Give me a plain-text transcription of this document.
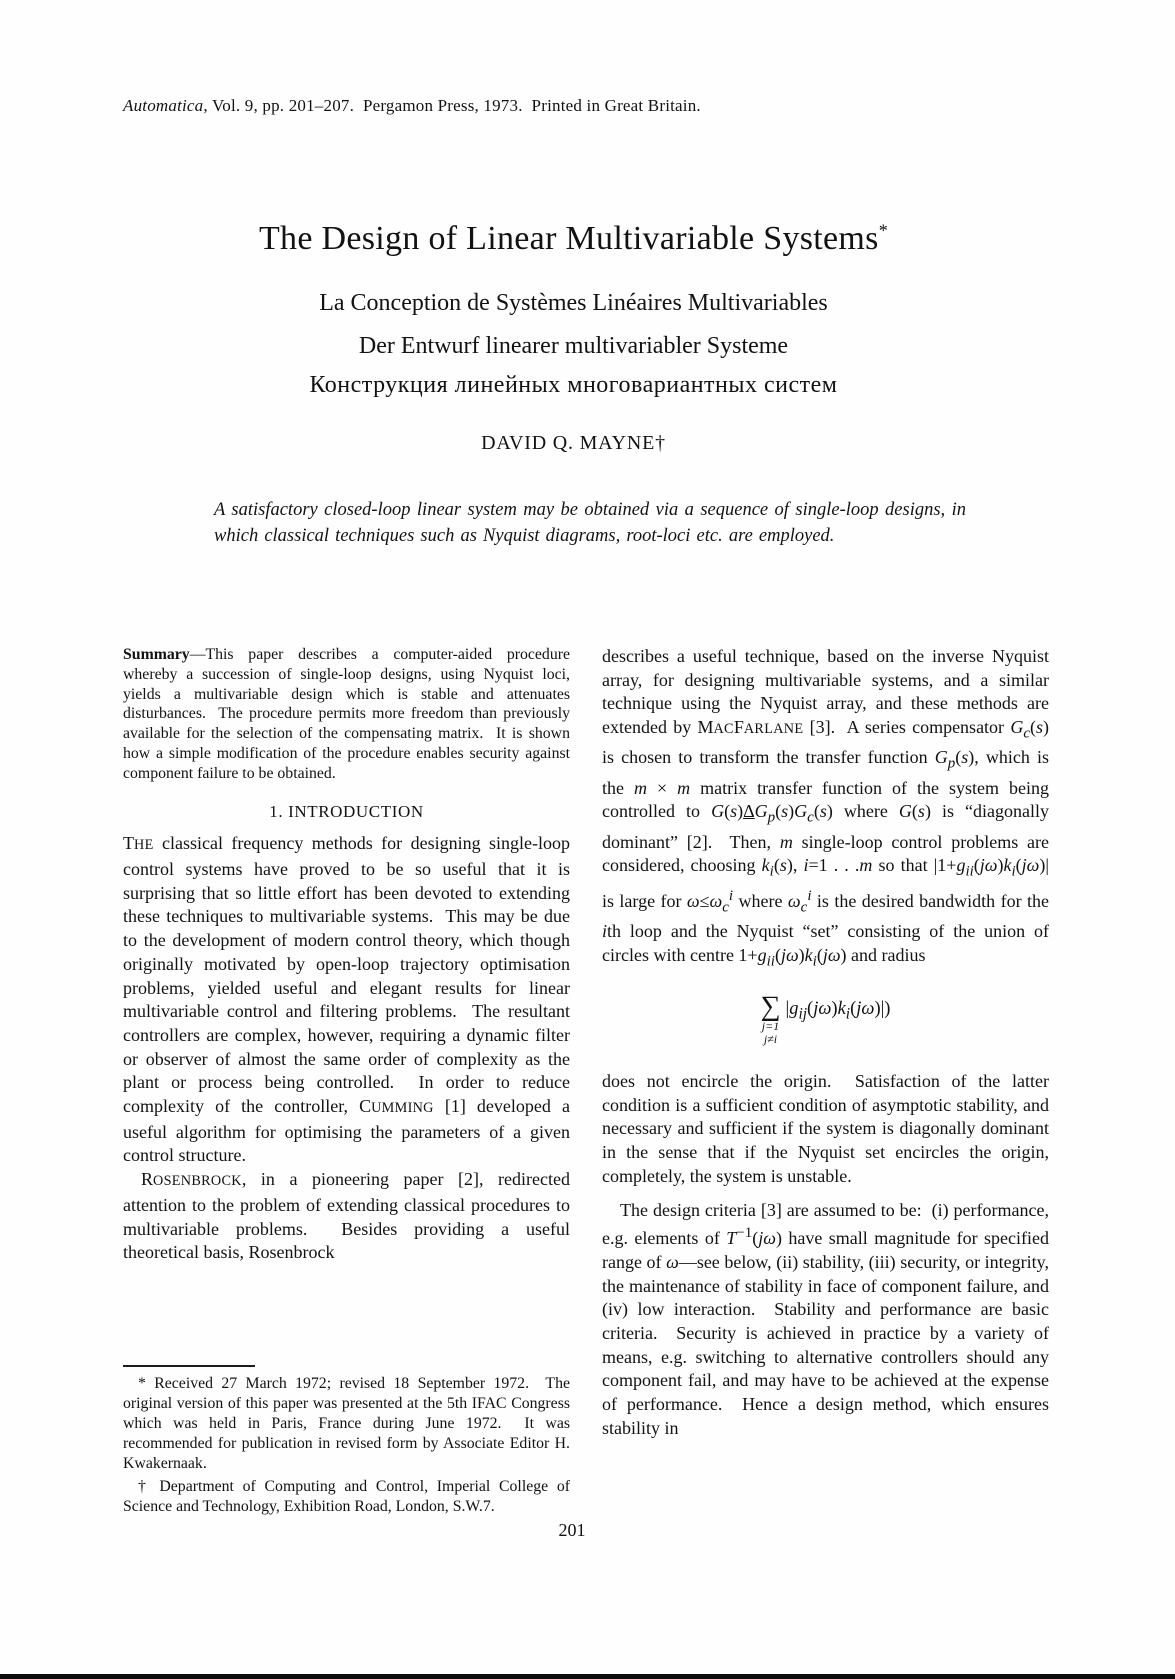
Automatica, Vol. 9, pp. 201–207.  Pergamon Press, 1973.  Printed in Great Britain.
The Design of Linear Multivariable Systems*
La Conception de Systèmes Linéaires Multivariables
Der Entwurf linearer multivariabler Systeme
Конструкция линейных многовариантных систем
DAVID Q. MAYNE†
A satisfactory closed-loop linear system may be obtained via a sequence of single-loop designs, in which classical techniques such as Nyquist diagrams, root-loci etc. are employed.

Summary—This paper describes a computer-aided procedure whereby a succession of single-loop designs, using Nyquist loci, yields a multivariable design which is stable and attenuates disturbances.  The procedure permits more freedom than previously available for the selection of the compensating matrix.  It is shown how a simple modification of the procedure enables security against component failure to be obtained.

1. INTRODUCTION

THE classical frequency methods for designing single-loop control systems have proved to be so useful that it is surprising that so little effort has been devoted to extending these techniques to multivariable systems.  This may be due to the development of modern control theory, which though originally motivated by open-loop trajectory optimisation problems, yielded useful and elegant results for linear multivariable control and filtering problems.  The resultant controllers are complex, however, requiring a dynamic filter or observer of almost the same order of complexity as the plant or process being controlled.  In order to reduce complexity of the controller, CUMMING [1] developed a useful algorithm for optimising the parameters of a given control structure.

ROSENBROCK, in a pioneering paper [2], redirected attention to the problem of extending classical procedures to multivariable problems.  Besides providing a useful theoretical basis, Rosenbrock

* Received 27 March 1972; revised 18 September 1972.  The original version of this paper was presented at the 5th IFAC Congress which was held in Paris, France during June 1972.  It was recommended for publication in revised form by Associate Editor H. Kwakernaak.

† Department of Computing and Control, Imperial College of Science and Technology, Exhibition Road, London, S.W.7.

describes a useful technique, based on the inverse Nyquist array, for designing multivariable systems, and a similar technique using the Nyquist array, and these methods are extended by MACFARLANE [3].  A series compensator $G_c(s)$ is chosen to transform the transfer function $G_p(s)$, which is the m × m matrix transfer function of the system being controlled to $G(s)\Delta G_p(s)G_c(s)$ where G(s) is “diagonally dominant” [2].  Then, m single-loop control problems are considered, choosing $k_i(s)$, i=1 . . .m so that $|1+g_{ii}(j\omega)k_i(j\omega)|$ is large for $\omega\le\omega_c^i$ where $\omega_c^i$ is the desired bandwidth for the ith loop and the Nyquist “set” consisting of the union of circles with centre $1+g_{ii}(j\omega)k_i(j\omega)$ and radius

∑
j=1
j≠i
$|g_{ij}(j\omega)k_i(j\omega)|$)

does not encircle the origin.  Satisfaction of the latter condition is a sufficient condition of asymptotic stability, and necessary and sufficient if the system is diagonally dominant in the sense that if the Nyquist set encircles the origin, completely, the system is unstable.

The design criteria [3] are assumed to be:  (i) performance, e.g. elements of $T^{-1}(j\omega)$ have small magnitude for specified range of ω—see below, (ii) stability, (iii) security, or integrity, the maintenance of stability in face of component failure, and (iv) low interaction.  Stability and performance are basic criteria.  Security is achieved in practice by a variety of means, e.g. switching to alternative controllers should any component fail, and may have to be achieved at the expense of performance.  Hence a design method, which ensures stability in

201
